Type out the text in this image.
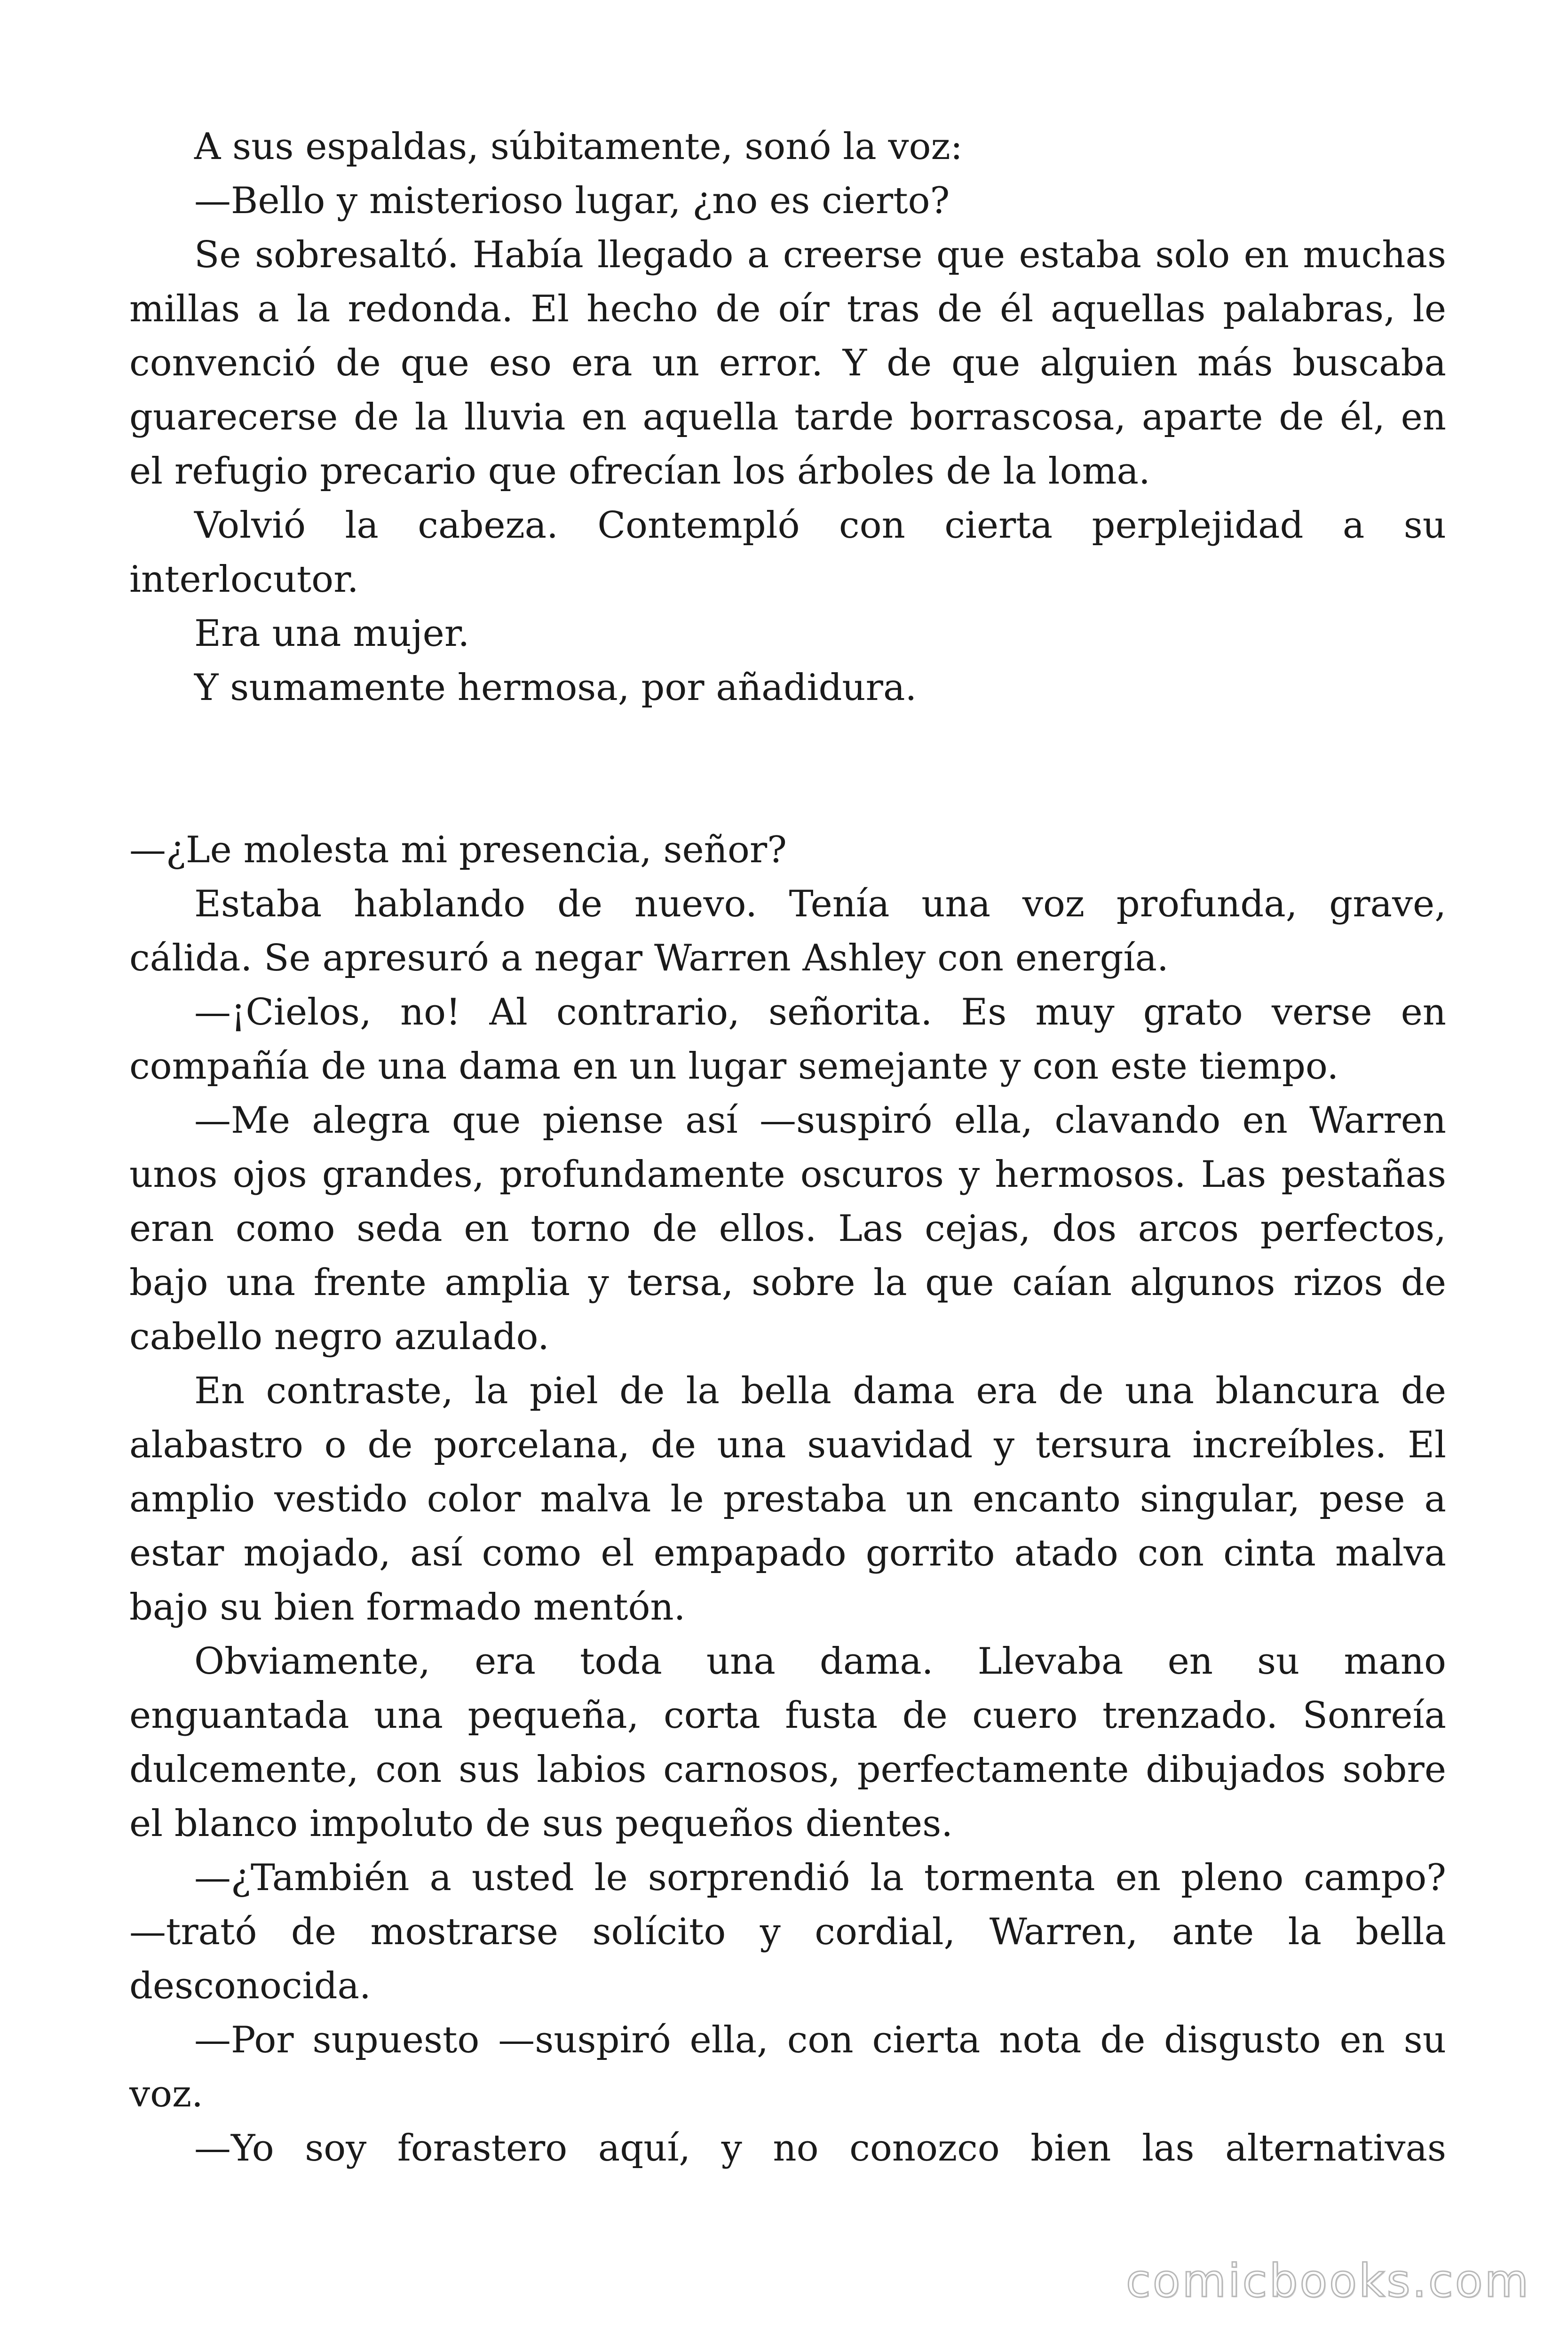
A sus espaldas, súbitamente, sonó la voz:
—Bello y misterioso lugar, ¿no es cierto?
Se sobresaltó. Había llegado a creerse que estaba solo en muchas
millas a la redonda. El hecho de oír tras de él aquellas palabras, le
convenció de que eso era un error. Y de que alguien más buscaba
guarecerse de la lluvia en aquella tarde borrascosa, aparte de él, en
el refugio precario que ofrecían los árboles de la loma.
Volvió la cabeza. Contempló con cierta perplejidad a su
interlocutor.
Era una mujer.
Y sumamente hermosa, por añadidura.
—¿Le molesta mi presencia, señor?
Estaba hablando de nuevo. Tenía una voz profunda, grave,
cálida. Se apresuró a negar Warren Ashley con energía.
—¡Cielos, no! Al contrario, señorita. Es muy grato verse en
compañía de una dama en un lugar semejante y con este tiempo.
—Me alegra que piense así —suspiró ella, clavando en Warren
unos ojos grandes, profundamente oscuros y hermosos. Las pestañas
eran como seda en torno de ellos. Las cejas, dos arcos perfectos,
bajo una frente amplia y tersa, sobre la que caían algunos rizos de
cabello negro azulado.
En contraste, la piel de la bella dama era de una blancura de
alabastro o de porcelana, de una suavidad y tersura increíbles. El
amplio vestido color malva le prestaba un encanto singular, pese a
estar mojado, así como el empapado gorrito atado con cinta malva
bajo su bien formado mentón.
Obviamente, era toda una dama. Llevaba en su mano
enguantada una pequeña, corta fusta de cuero trenzado. Sonreía
dulcemente, con sus labios carnosos, perfectamente dibujados sobre
el blanco impoluto de sus pequeños dientes.
—¿También a usted le sorprendió la tormenta en pleno campo?
—trató de mostrarse solícito y cordial, Warren, ante la bella
desconocida.
—Por supuesto —suspiró ella, con cierta nota de disgusto en su
voz.
—Yo soy forastero aquí, y no conozco bien las alternativas
comicbooks.com
